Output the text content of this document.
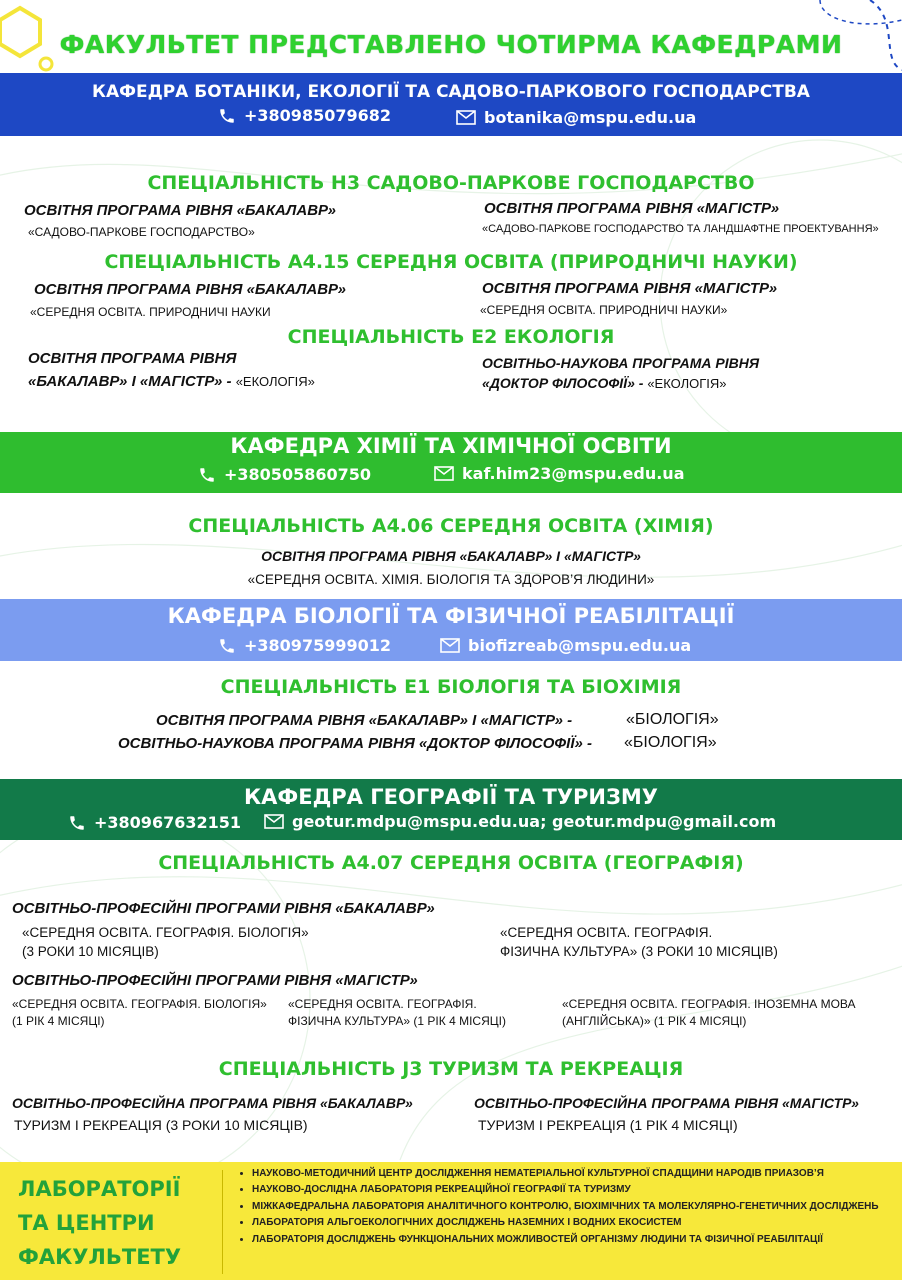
ФАКУЛЬТЕТ ПРЕДСТАВЛЕНО ЧОТИРМА КАФЕДРАМИ
КАФЕДРА БОТАНІКИ, ЕКОЛОГІЇ ТА САДОВО-ПАРКОВОГО ГОСПОДАРСТВА
+380985079682	botanika@mspu.edu.ua
СПЕЦІАЛЬНІСТЬ Н3 САДОВО-ПАРКОВЕ ГОСПОДАРСТВО
ОСВІТНЯ ПРОГРАМА РІВНЯ «БАКАЛАВР»
«САДОВО-ПАРКОВЕ ГОСПОДАРСТВО»
ОСВІТНЯ ПРОГРАМА РІВНЯ «МАГІСТР»
«САДОВО-ПАРКОВЕ ГОСПОДАРСТВО ТА ЛАНДШАФТНЕ ПРОЕКТУВАННЯ»
СПЕЦІАЛЬНІСТЬ А4.15 СЕРЕДНЯ ОСВІТА (ПРИРОДНИЧІ НАУКИ)
ОСВІТНЯ ПРОГРАМА РІВНЯ «БАКАЛАВР»
«СЕРЕДНЯ ОСВІТА. ПРИРОДНИЧІ НАУКИ
ОСВІТНЯ ПРОГРАМА РІВНЯ «МАГІСТР»
«СЕРЕДНЯ ОСВІТА. ПРИРОДНИЧІ НАУКИ»
СПЕЦІАЛЬНІСТЬ Е2 ЕКОЛОГІЯ
ОСВІТНЯ ПРОГРАМА РІВНЯ
«БАКАЛАВР» І «МАГІСТР» - «ЕКОЛОГІЯ»
ОСВІТНЬО-НАУКОВА ПРОГРАМА РІВНЯ
«ДОКТОР ФІЛОСОФІЇ» - «ЕКОЛОГІЯ»
КАФЕДРА ХІМІЇ ТА ХІМІЧНОЇ ОСВІТИ
+380505860750	kaf.him23@mspu.edu.ua
СПЕЦІАЛЬНІСТЬ А4.06 СЕРЕДНЯ ОСВІТА (ХІМІЯ)
ОСВІТНЯ ПРОГРАМА РІВНЯ «БАКАЛАВР» І «МАГІСТР»
«СЕРЕДНЯ ОСВІТА. ХІМІЯ. БІОЛОГІЯ ТА ЗДОРОВ’Я ЛЮДИНИ»
КАФЕДРА БІОЛОГІЇ ТА ФІЗИЧНОЇ РЕАБІЛІТАЦІЇ
+380975999012	biofizreab@mspu.edu.ua
СПЕЦІАЛЬНІСТЬ Е1 БІОЛОГІЯ ТА БІОХІМІЯ
ОСВІТНЯ ПРОГРАМА РІВНЯ «БАКАЛАВР» І «МАГІСТР» -	«БІОЛОГІЯ»
ОСВІТНЬО-НАУКОВА ПРОГРАМА РІВНЯ «ДОКТОР ФІЛОСОФІЇ» - «БІОЛОГІЯ»
КАФЕДРА ГЕОГРАФІЇ ТА ТУРИЗМУ
+380967632151	geotur.mdpu@mspu.edu.ua; geotur.mdpu@gmail.com
СПЕЦІАЛЬНІСТЬ А4.07 СЕРЕДНЯ ОСВІТА (ГЕОГРАФІЯ)
ОСВІТНЬО-ПРОФЕСІЙНІ ПРОГРАМИ РІВНЯ «БАКАЛАВР»
«СЕРЕДНЯ ОСВІТА. ГЕОГРАФІЯ. БІОЛОГІЯ»
(3 РОКИ 10 МІСЯЦІВ)
«СЕРЕДНЯ ОСВІТА. ГЕОГРАФІЯ.
ФІЗИЧНА КУЛЬТУРА» (3 РОКИ 10 МІСЯЦІВ)
ОСВІТНЬО-ПРОФЕСІЙНІ ПРОГРАМИ РІВНЯ «МАГІСТР»
«СЕРЕДНЯ ОСВІТА. ГЕОГРАФІЯ. БІОЛОГІЯ»
(1 РІК 4 МІСЯЦІ)
«СЕРЕДНЯ ОСВІТА. ГЕОГРАФІЯ.
ФІЗИЧНА КУЛЬТУРА» (1 РІК 4 МІСЯЦІ)
«СЕРЕДНЯ ОСВІТА. ГЕОГРАФІЯ. ІНОЗЕМНА МОВА
(АНГЛІЙСЬКА)» (1 РІК 4 МІСЯЦІ)
СПЕЦІАЛЬНІСТЬ J3 ТУРИЗМ ТА РЕКРЕАЦІЯ
ОСВІТНЬО-ПРОФЕСІЙНА ПРОГРАМА РІВНЯ «БАКАЛАВР»
ТУРИЗМ І РЕКРЕАЦІЯ (3 РОКИ 10 МІСЯЦІВ)
ОСВІТНЬО-ПРОФЕСІЙНА ПРОГРАМА РІВНЯ «МАГІСТР»
ТУРИЗМ І РЕКРЕАЦІЯ (1 РІК 4 МІСЯЦІ)
ЛАБОРАТОРІЇ
ТА ЦЕНТРИ
ФАКУЛЬТЕТУ
• НАУКОВО-МЕТОДИЧНИЙ ЦЕНТР ДОСЛІДЖЕННЯ НЕМАТЕРІАЛЬНОЇ КУЛЬТУРНОЇ СПАДЩИНИ НАРОДІВ ПРИАЗОВ’Я
• НАУКОВО-ДОСЛІДНА ЛАБОРАТОРІЯ РЕКРЕАЦІЙНОЇ ГЕОГРАФІЇ ТА ТУРИЗМУ
• МІЖКАФЕДРАЛЬНА ЛАБОРАТОРІЯ АНАЛІТИЧНОГО КОНТРОЛЮ, БІОХІМІЧНИХ ТА МОЛЕКУЛЯРНО-ГЕНЕТИЧНИХ ДОСЛІДЖЕНЬ
• ЛАБОРАТОРІЯ АЛЬГОЕКОЛОГІЧНИХ ДОСЛІДЖЕНЬ НАЗЕМНИХ І ВОДНИХ ЕКОСИСТЕМ
• ЛАБОРАТОРІЯ ДОСЛІДЖЕНЬ ФУНКЦІОНАЛЬНИХ МОЖЛИВОСТЕЙ ОРГАНІЗМУ ЛЮДИНИ ТА ФІЗИЧНОЇ РЕАБІЛІТАЦІЇ
